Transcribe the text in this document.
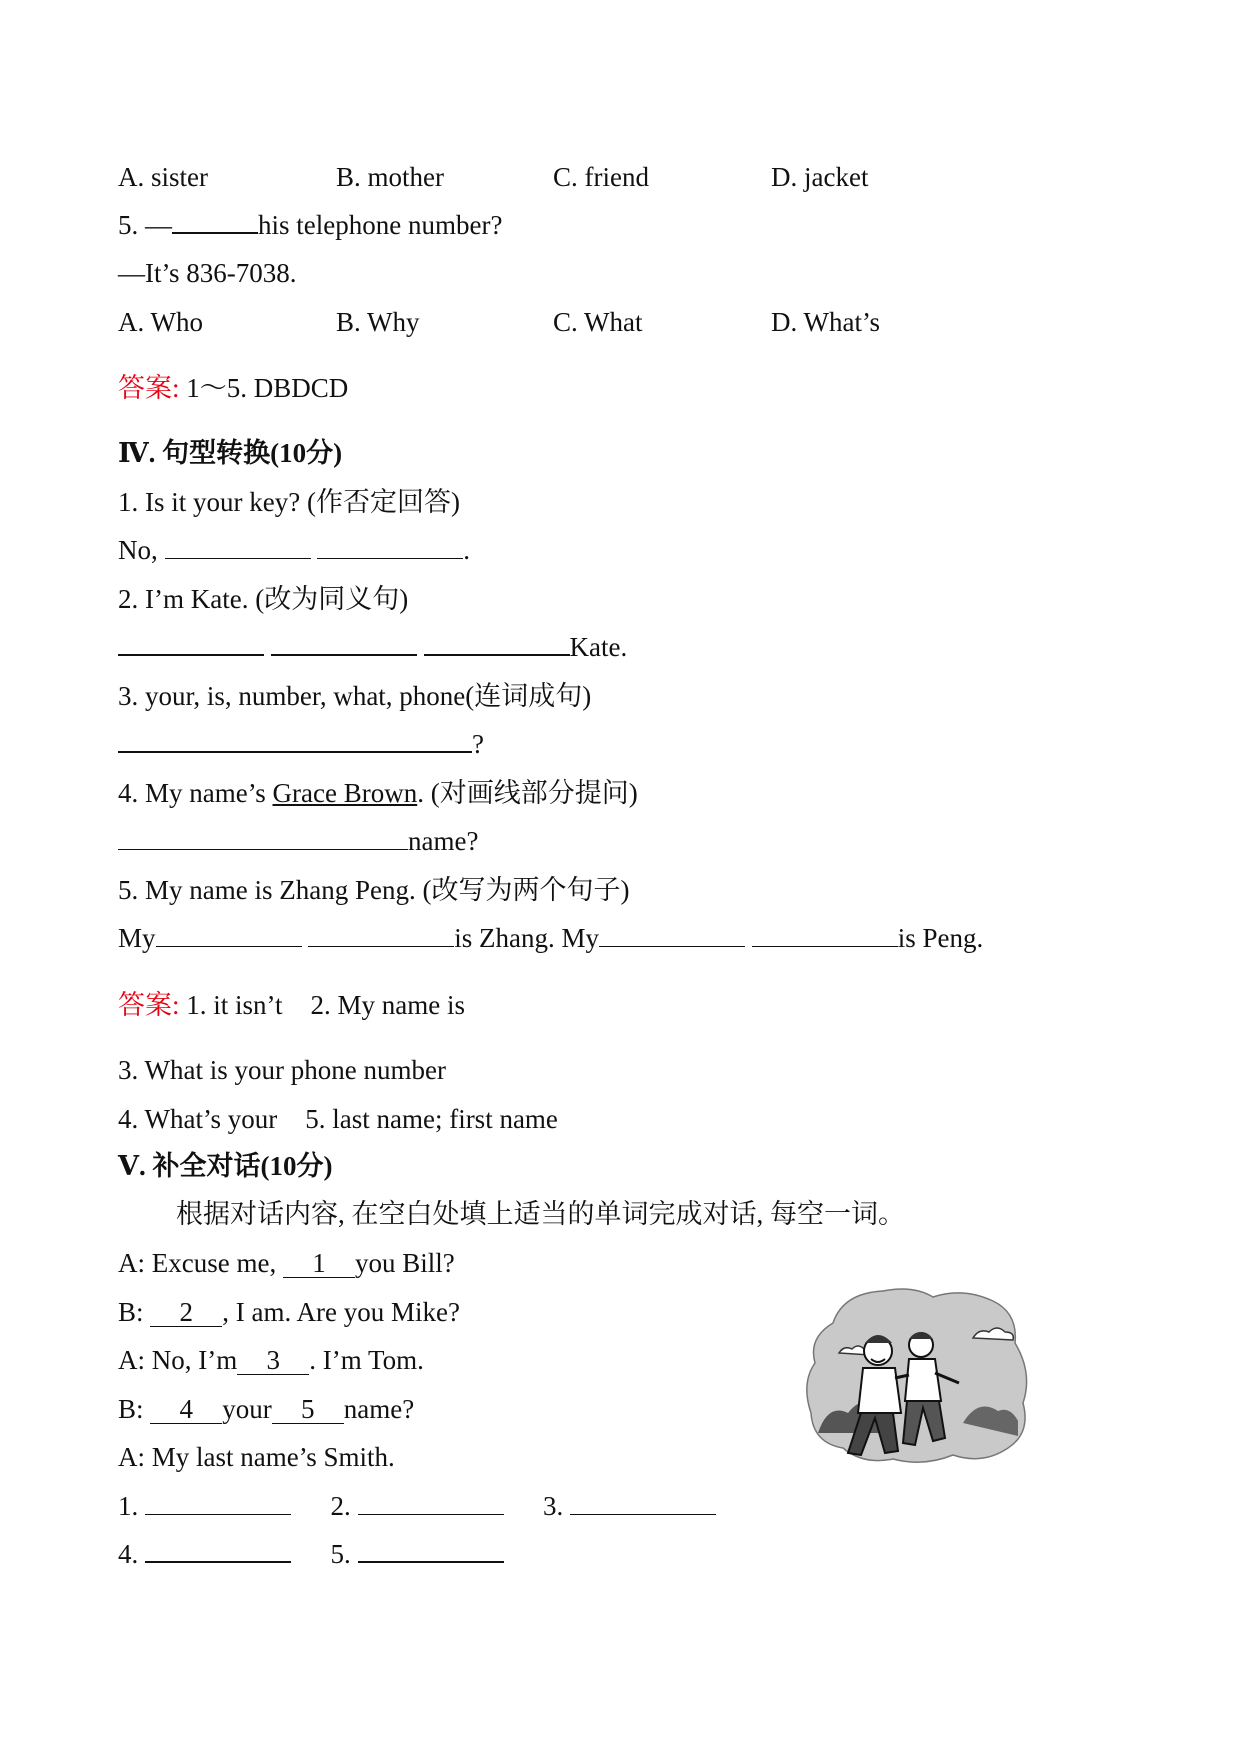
A. sister	B. mother	C. friend	D. jacket
5. —	his telephone number?
—It’s 836-7038.
A. Who	B. Why	C. What	D. What’s
答案: 1～5. DBDCD
Ⅳ. 句型转换(10分)
1. Is it your key? (作否定回答)
No,	.
2. I’m Kate. (改为同义句)
Kate.
3. your, is, number, what, phone(连词成句)
?
4. My name’s Grace Brown. (对画线部分提问)
name?
5. My name is Zhang Peng. (改写为两个句子)
My	is Zhang. My	is Peng.
答案: 1. it isn’t 2. My name is
3. What is your phone number
4. What’s your 5. last name; first name
Ⅴ. 补全对话(10分)
根据对话内容, 在空白处填上适当的单词完成对话, 每空一词。
A: Excuse me, 1 you Bill?
B: 2 , I am. Are you Mike?
A: No, I’m 3 . I’m Tom.
B: 4 your 5 name?
A: My last name’s Smith.
1.	2.	3.
4.	5.
